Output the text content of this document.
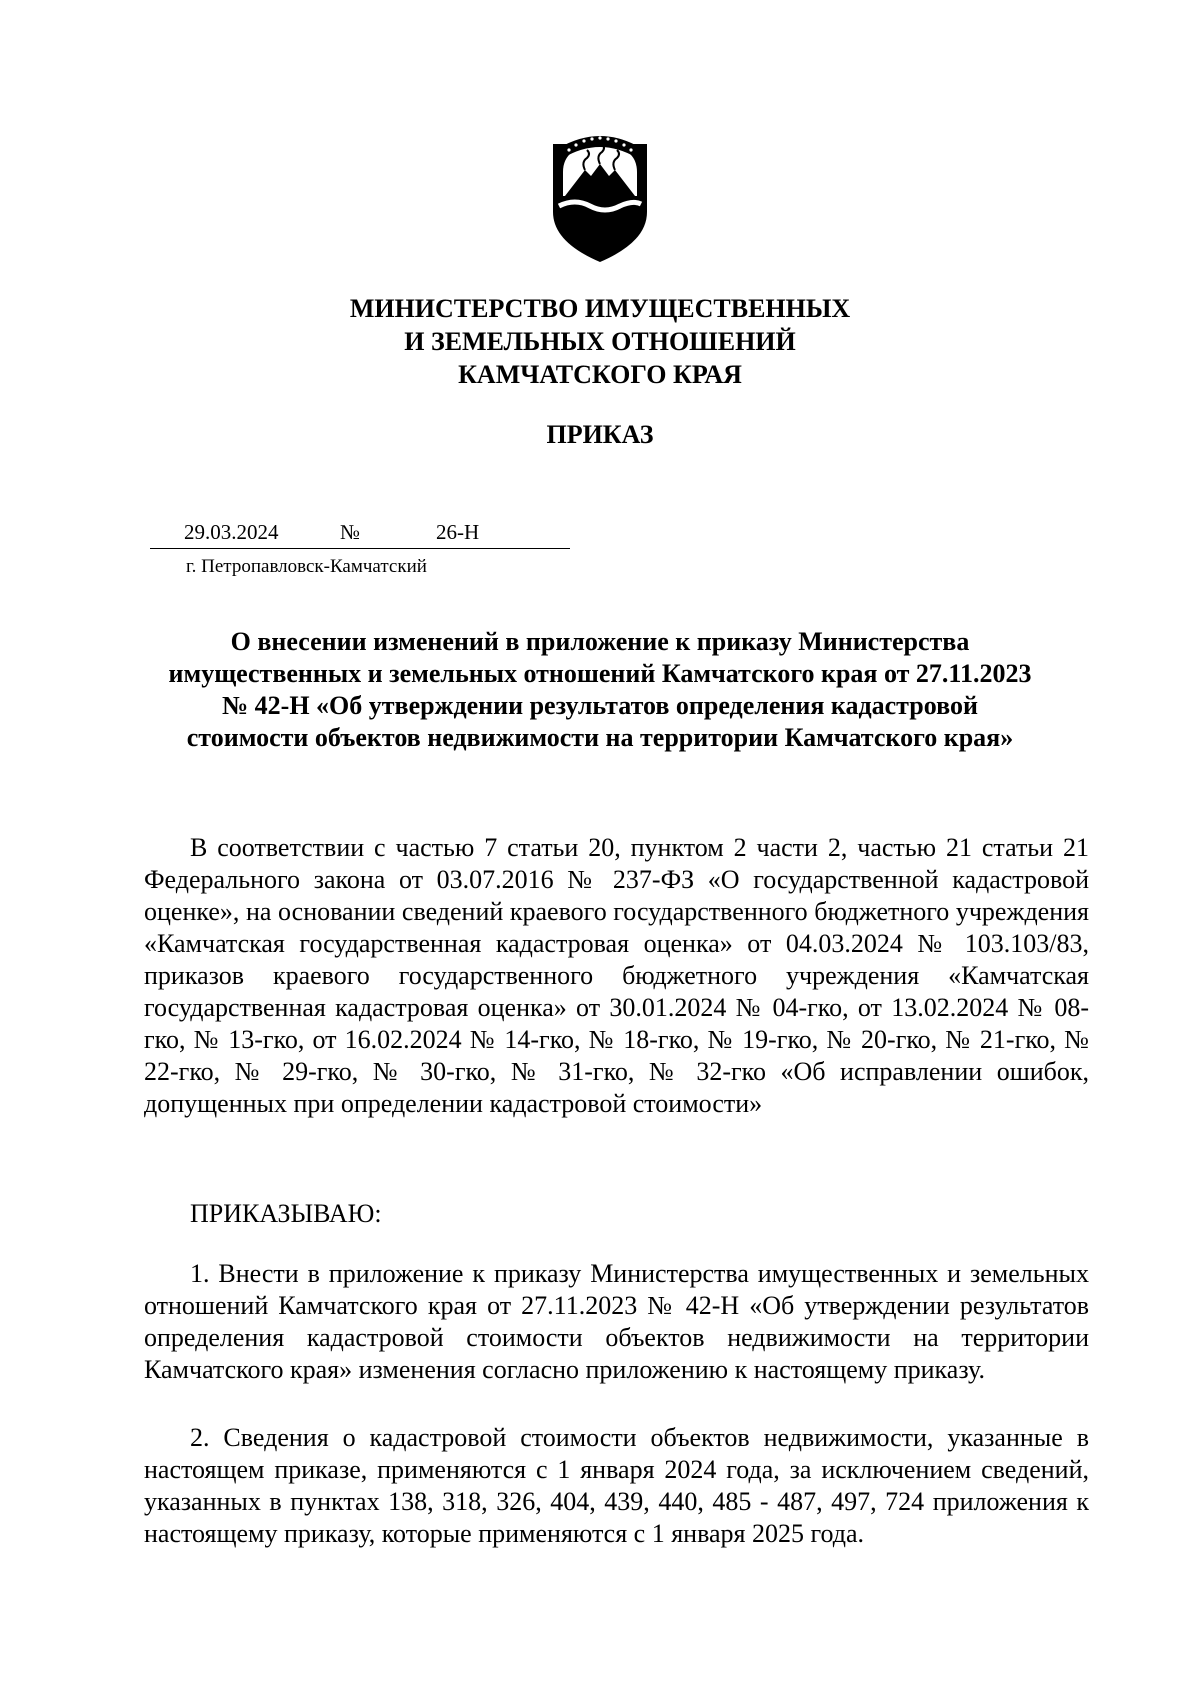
МИНИСТЕРСТВО ИМУЩЕСТВЕННЫХ
И ЗЕМЕЛЬНЫХ ОТНОШЕНИЙ
КАМЧАТСКОГО КРАЯ
ПРИКАЗ
29.03.2024	№	26-Н
г. Петропавловск-Камчатский
О внесении изменений в приложение к приказу Министерства
имущественных и земельных отношений Камчатского края от 27.11.2023
№ 42-Н «Об утверждении результатов определения кадастровой
стоимости объектов недвижимости на территории Камчатского края»

В соответствии с частью 7 статьи 20, пунктом 2 части 2, частью 21 статьи 21 Федерального закона от 03.07.2016 № 237-ФЗ «О государственной кадастровой оценке», на основании сведений краевого государственного бюджетного учреждения «Камчатская государственная кадастровая оценка» от 04.03.2024 № 103.103/83, приказов краевого государственного бюджетного учреждения «Камчатская государственная кадастровая оценка» от 30.01.2024 № 04-гко, от 13.02.2024 № 08-гко, № 13-гко, от 16.02.2024 № 14-гко, № 18-гко, № 19-гко, № 20-гко, № 21-гко, № 22-гко, № 29-гко, № 30-гко, № 31-гко, № 32-гко «Об исправлении ошибок, допущенных при определении кадастровой стоимости»

ПРИКАЗЫВАЮ:

1. Внести в приложение к приказу Министерства имущественных и земельных отношений Камчатского края от 27.11.2023 № 42-Н «Об утверждении результатов определения кадастровой стоимости объектов недвижимости на территории Камчатского края» изменения согласно приложению к настоящему приказу.

2. Сведения о кадастровой стоимости объектов недвижимости, указанные в настоящем приказе, применяются с 1 января 2024 года, за исключением сведений, указанных в пунктах 138, 318, 326, 404, 439, 440, 485 - 487, 497, 724 приложения к настоящему приказу, которые применяются с 1 января 2025 года.
